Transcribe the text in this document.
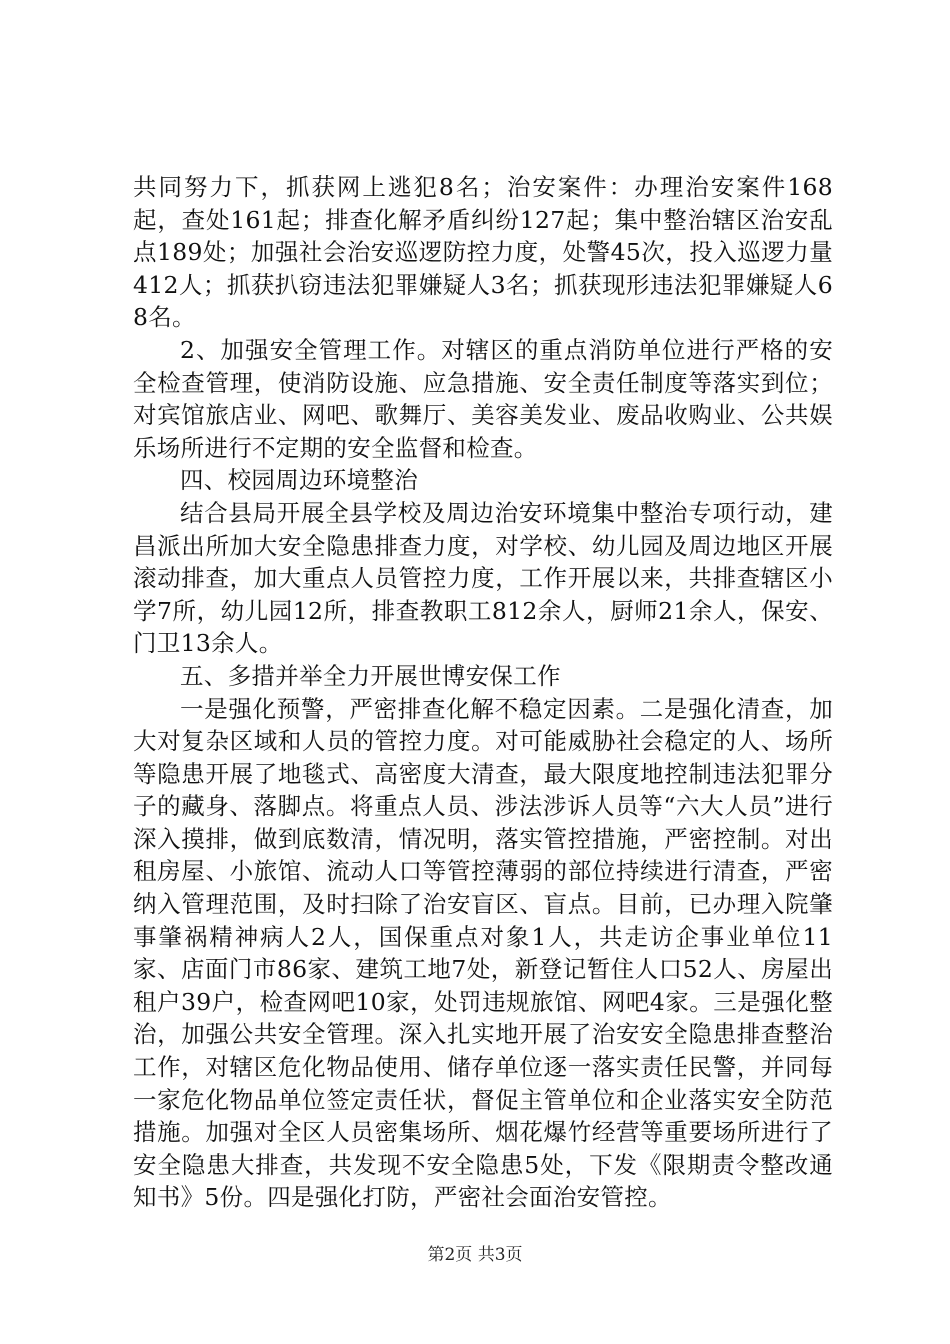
共同努力下，抓获网上逃犯8名；治安案件：办理治安案件168起，查处161起；排查化解矛盾纠纷127起；集中整治辖区治安乱点189处；加强社会治安巡逻防控力度，处警45次，投入巡逻力量412人；抓获扒窃违法犯罪嫌疑人3名；抓获现形违法犯罪嫌疑人68名。

2、加强安全管理工作。对辖区的重点消防单位进行严格的安全检查管理，使消防设施、应急措施、安全责任制度等落实到位；对宾馆旅店业、网吧、歌舞厅、美容美发业、废品收购业、公共娱乐场所进行不定期的安全监督和检查。

四、校园周边环境整治

结合县局开展全县学校及周边治安环境集中整治专项行动，建昌派出所加大安全隐患排查力度，对学校、幼儿园及周边地区开展滚动排查，加大重点人员管控力度，工作开展以来，共排查辖区小学7所，幼儿园12所，排查教职工812余人，厨师21余人，保安、门卫13余人。

五、多措并举全力开展世博安保工作

一是强化预警，严密排查化解不稳定因素。二是强化清查，加大对复杂区域和人员的管控力度。对可能威胁社会稳定的人、场所等隐患开展了地毯式、高密度大清查，最大限度地控制违法犯罪分子的藏身、落脚点。将重点人员、涉法涉诉人员等“六大人员”进行深入摸排，做到底数清，情况明，落实管控措施，严密控制。对出租房屋、小旅馆、流动人口等管控薄弱的部位持续进行清查，严密纳入管理范围，及时扫除了治安盲区、盲点。目前，已办理入院肇事肇祸精神病人2人，国保重点对象1人，共走访企事业单位11家、店面门市86家、建筑工地7处，新登记暂住人口52人、房屋出租户39户，检查网吧10家，处罚违规旅馆、网吧4家。三是强化整治，加强公共安全管理。深入扎实地开展了治安安全隐患排查整治工作，对辖区危化物品使用、储存单位逐一落实责任民警，并同每一家危化物品单位签定责任状，督促主管单位和企业落实安全防范措施。加强对全区人员密集场所、烟花爆竹经营等重要场所进行了安全隐患大排查，共发现不安全隐患5处，下发《限期责令整改通知书》5份。四是强化打防，严密社会面治安管控。

第2页 共3页
